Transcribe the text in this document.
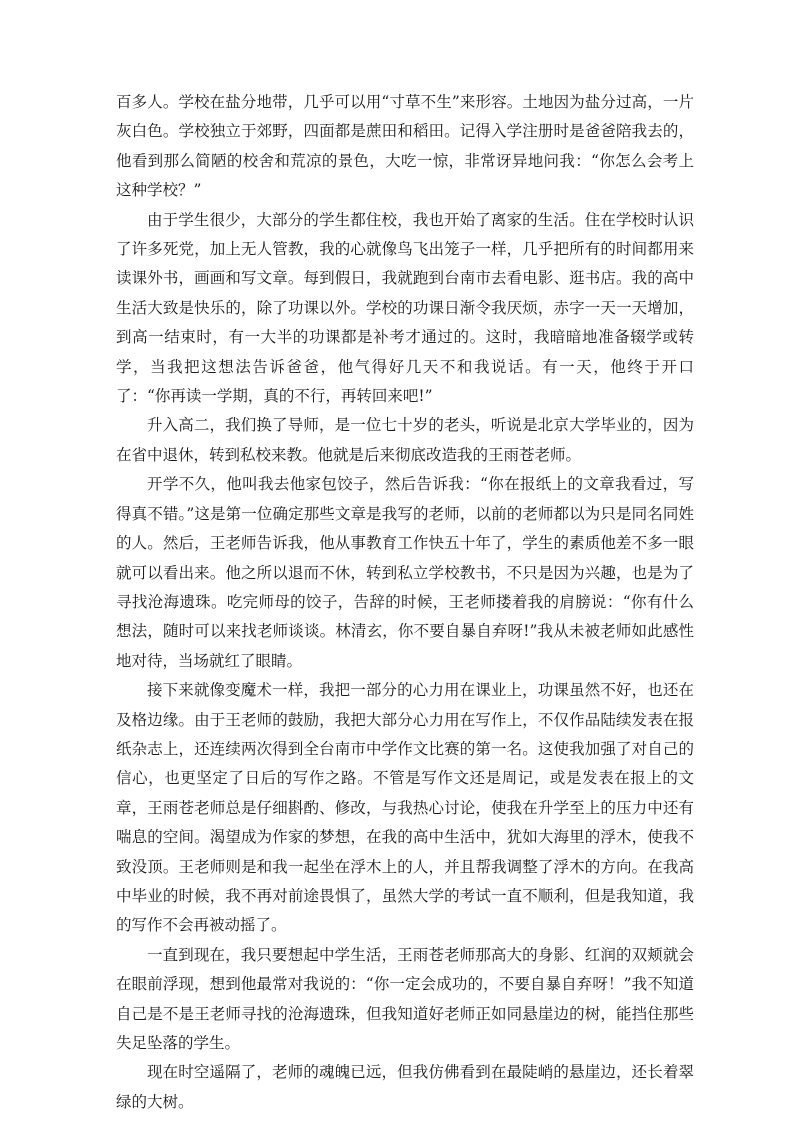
百多人。学校在盐分地带，几乎可以用“寸草不生”来形容。土地因为盐分过高，一片灰白色。学校独立于郊野，四面都是蔗田和稻田。记得入学注册时是爸爸陪我去的，他看到那么简陋的校舍和荒凉的景色，大吃一惊，非常讶异地问我：“你怎么会考上这种学校？”

由于学生很少，大部分的学生都住校，我也开始了离家的生活。住在学校时认识了许多死党，加上无人管教，我的心就像鸟飞出笼子一样，几乎把所有的时间都用来读课外书，画画和写文章。每到假日，我就跑到台南市去看电影、逛书店。我的高中生活大致是快乐的，除了功课以外。学校的功课日渐令我厌烦，赤字一天一天增加，到高一结束时，有一大半的功课都是补考才通过的。这时，我暗暗地准备辍学或转学，当我把这想法告诉爸爸，他气得好几天不和我说话。有一天，他终于开口了：“你再读一学期，真的不行，再转回来吧!”

升入高二，我们换了导师，是一位七十岁的老头，听说是北京大学毕业的，因为在省中退休，转到私校来教。他就是后来彻底改造我的王雨苍老师。

开学不久，他叫我去他家包饺子，然后告诉我：“你在报纸上的文章我看过，写得真不错。”这是第一位确定那些文章是我写的老师，以前的老师都以为只是同名同姓的人。然后，王老师告诉我，他从事教育工作快五十年了，学生的素质他差不多一眼就可以看出来。他之所以退而不休，转到私立学校教书，不只是因为兴趣，也是为了寻找沧海遗珠。吃完师母的饺子，告辞的时候，王老师搂着我的肩膀说：“你有什么想法，随时可以来找老师谈谈。林清玄，你不要自暴自弃呀!”我从未被老师如此感性地对待，当场就红了眼睛。

接下来就像变魔术一样，我把一部分的心力用在课业上，功课虽然不好，也还在及格边缘。由于王老师的鼓励，我把大部分心力用在写作上，不仅作品陆续发表在报纸杂志上，还连续两次得到全台南市中学作文比赛的第一名。这使我加强了对自己的信心，也更坚定了日后的写作之路。不管是写作文还是周记，或是发表在报上的文章，王雨苍老师总是仔细斟酌、修改，与我热心讨论，使我在升学至上的压力中还有喘息的空间。渴望成为作家的梦想，在我的高中生活中，犹如大海里的浮木，使我不致没顶。王老师则是和我一起坐在浮木上的人，并且帮我调整了浮木的方向。在我高中毕业的时候，我不再对前途畏惧了，虽然大学的考试一直不顺利，但是我知道，我的写作不会再被动摇了。

一直到现在，我只要想起中学生活，王雨苍老师那高大的身影、红润的双颊就会在眼前浮现，想到他最常对我说的：“你一定会成功的，不要自暴自弃呀！”我不知道自己是不是王老师寻找的沧海遗珠，但我知道好老师正如同悬崖边的树，能挡住那些失足坠落的学生。

现在时空遥隔了，老师的魂魄已远，但我仿佛看到在最陡峭的悬崖边，还长着翠绿的大树。
